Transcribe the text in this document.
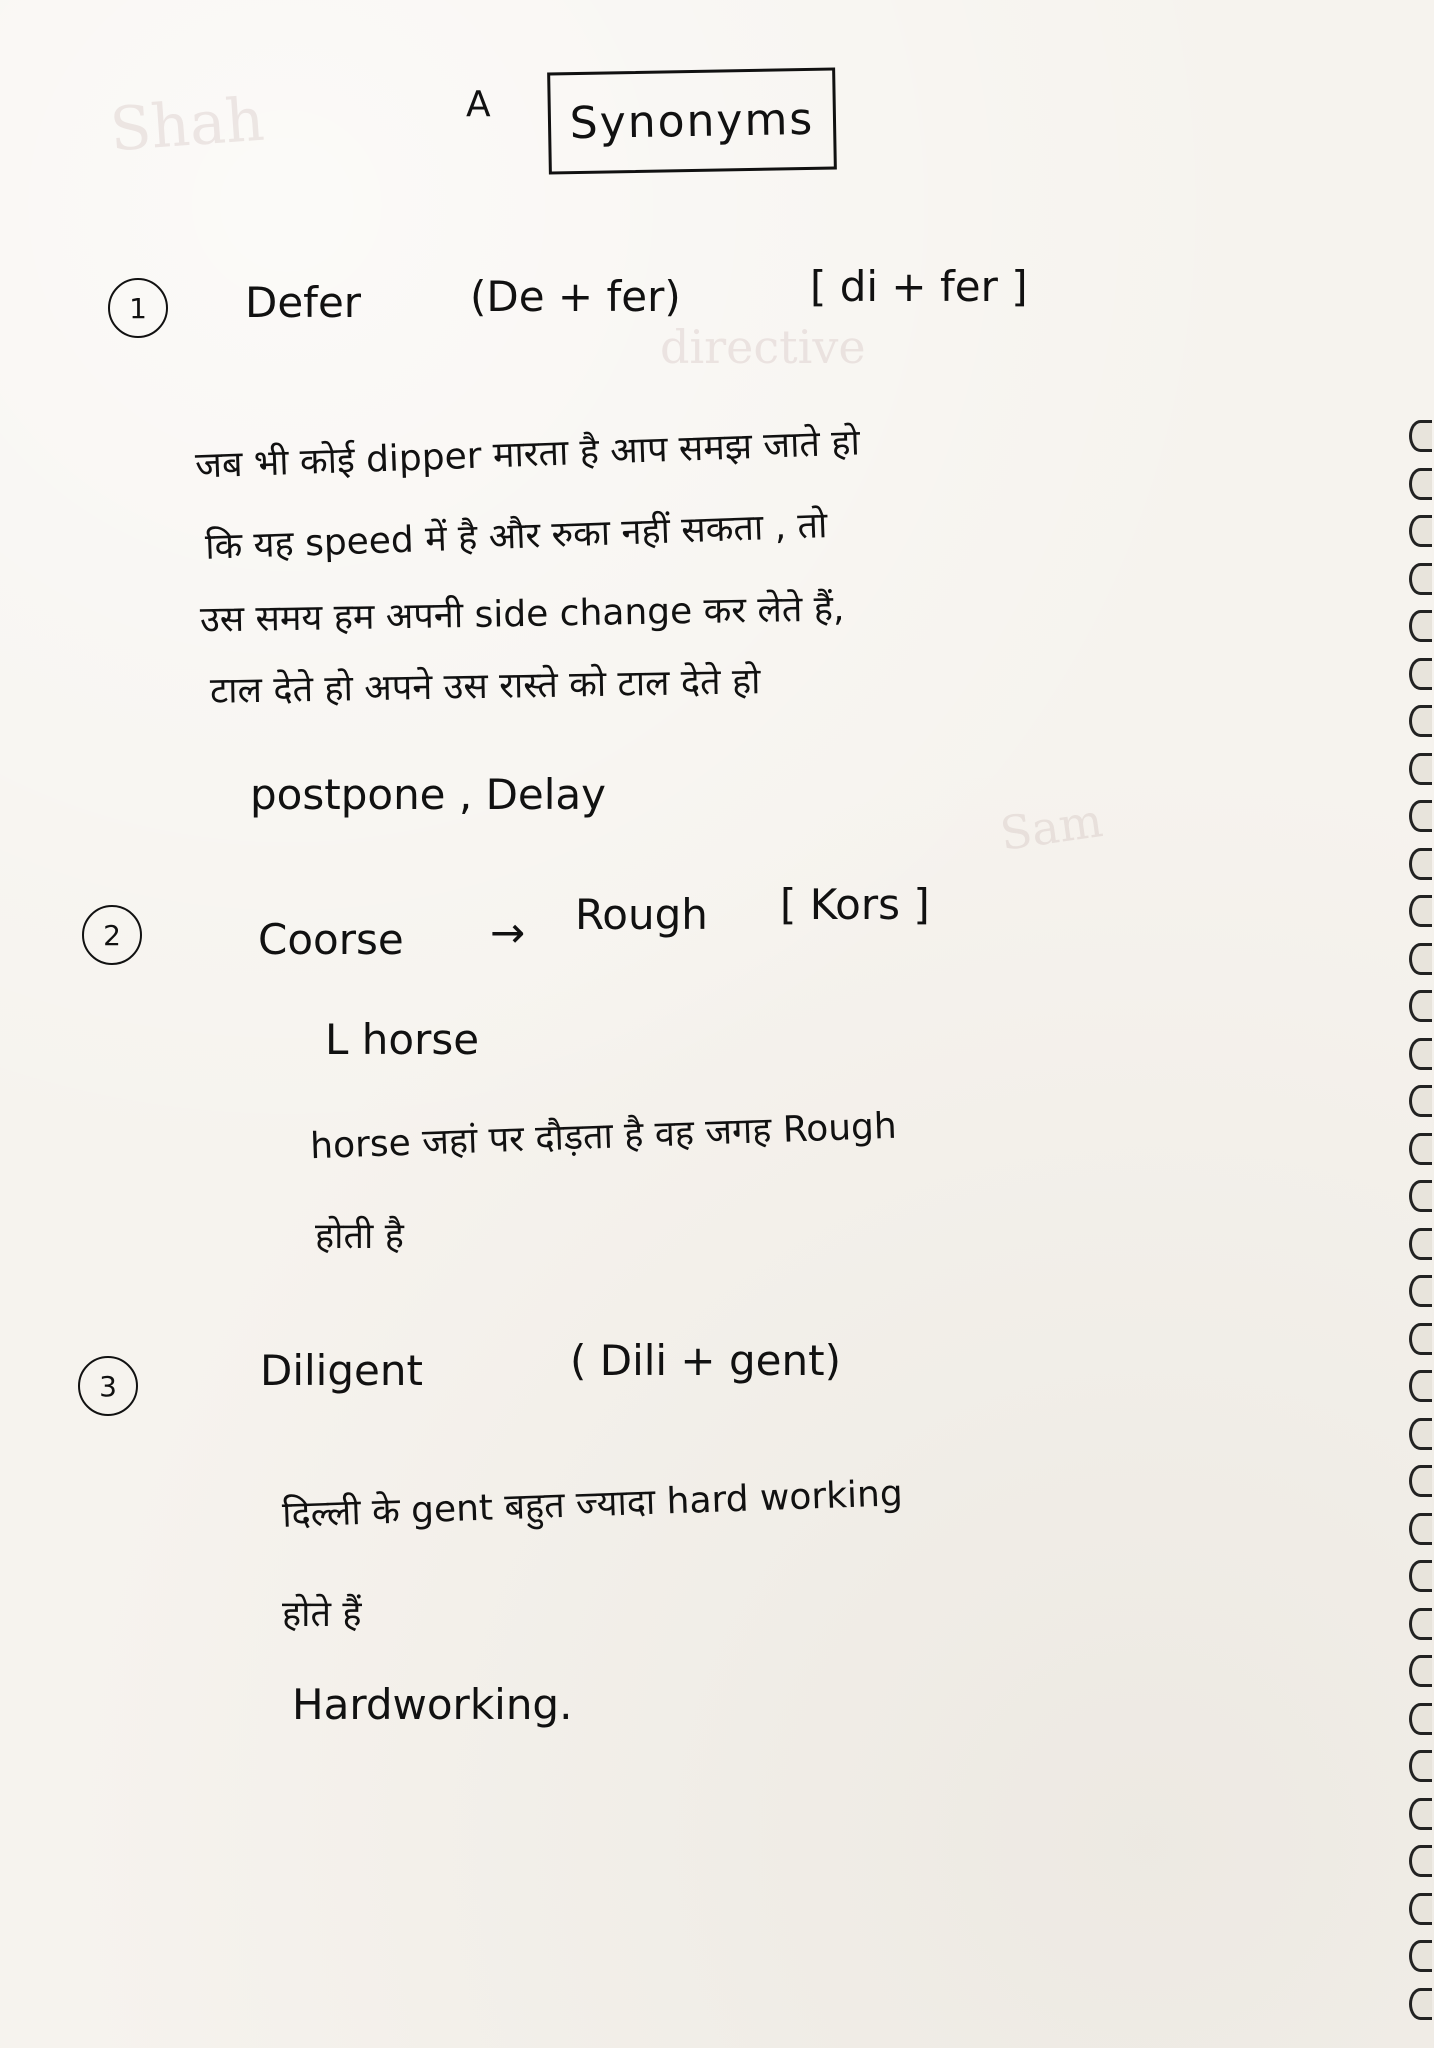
Shah
directive
Sam
A Synonyms
1 Defer	(De + fer)	[ di + fer ]
जब भी कोई dipper मारता है आप समझ जाते हो
कि यह speed में है और रुका नहीं सकता , तो
उस समय हम अपनी side change कर लेते हैं,
टाल देते हो अपने उस रास्ते को टाल देते हो
postpone , Delay
2	Coorse → Rough [ Kors ]
L horse
horse जहां पर दौड़ता है वह जगह Rough
होती है
3	Diligent	( Dili + gent)
दिल्ली के gent बहुत ज्यादा hard working
होते हैं
Hardworking.
